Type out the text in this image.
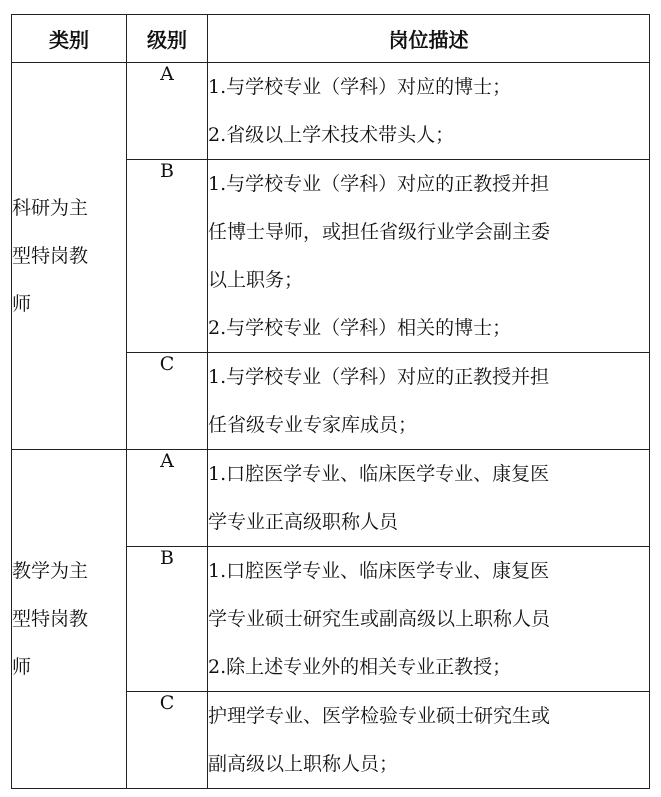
类别	级别	岗位描述

科研为主
型特岗教
师	A	1.与学校专业（学科）对应的博士；
2.省级以上学术技术带头人；

	B	1.与学校专业（学科）对应的正教授并担
任博士导师，或担任省级行业学会副主委
以上职务；
2.与学校专业（学科）相关的博士；

	C	1.与学校专业（学科）对应的正教授并担
任省级专业专家库成员；

教学为主
型特岗教
师	A	1.口腔医学专业、临床医学专业、康复医
学专业正高级职称人员

	B	1.口腔医学专业、临床医学专业、康复医
学专业硕士研究生或副高级以上职称人员
2.除上述专业外的相关专业正教授；

	C	护理学专业、医学检验专业硕士研究生或
副高级以上职称人员；
